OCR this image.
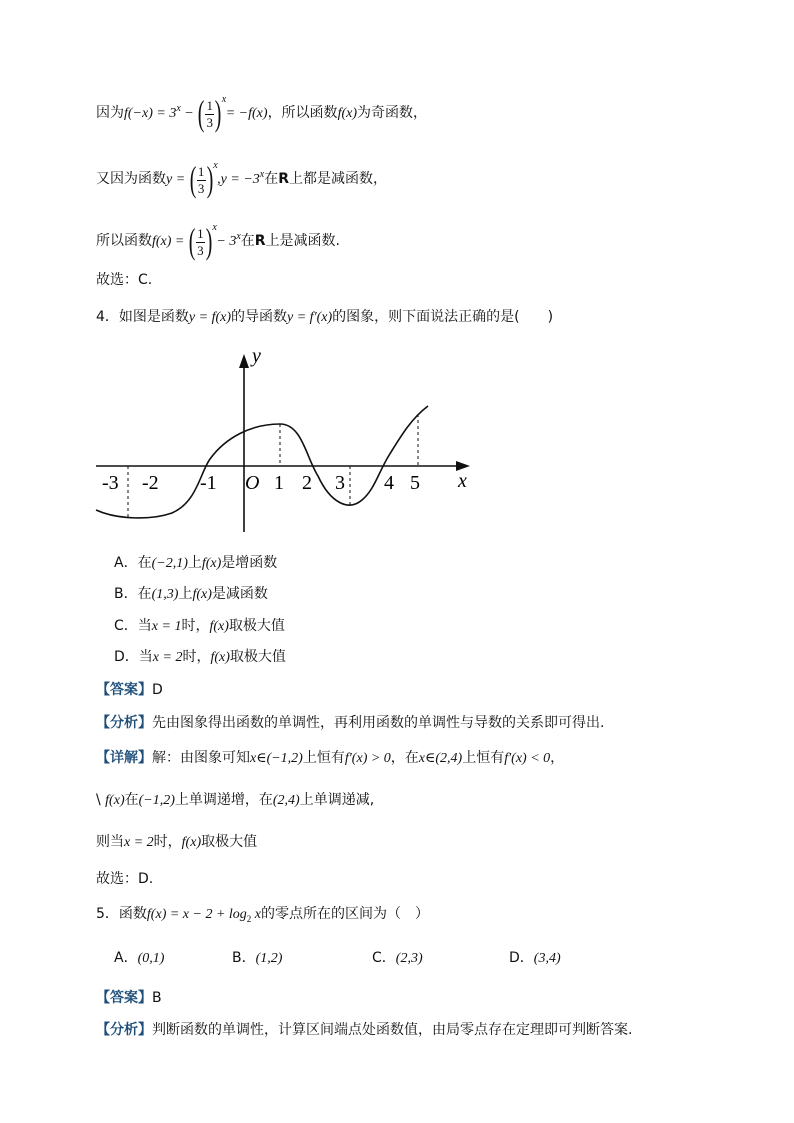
因为$f(-x) = 3^x$ − ( $\frac{1}{3}$ ) x
= −f(x)，所以函数f(x)为奇函数，
又因为函数y = ( $\frac{1}{3}$ ) x
$,y = -3^x$在R上都是减函数，
所以函数f(x) = ( $\frac{1}{3}$ ) x
− $3^x$在R上是减函数.
故选：C.
4．如图是函数y = f(x)的导函数y = f′(x)的图象，则下面说法正确的是(　　)
y
x
O
-3 -2 -1	1 2 3 4 5
A．在(−2,1)上f(x)是增函数
B．在(1,3)上f(x)是减函数
C．当x = 1时，f(x)取极大值
D．当x = 2时，f(x)取极大值
【答案】D
【分析】先由图象得出函数的单调性，再利用函数的单调性与导数的关系即可得出.
【详解】解：由图象可知x∈(−1,2)上恒有f′(x) > 0，在x∈(2,4)上恒有f′(x) < 0，
\ f(x)在(−1,2)上单调递增，在(2,4)上单调递减,
则当x = 2时，f(x)取极大值
故选：D.
5．函数$f(x) = x - 2 + \log_2 x$的零点所在的区间为（　）
A．(0,1)	B．(1,2)	C．(2,3)	D．(3,4)
【答案】B
【分析】判断函数的单调性，计算区间端点处函数值，由局零点存在定理即可判断答案.
